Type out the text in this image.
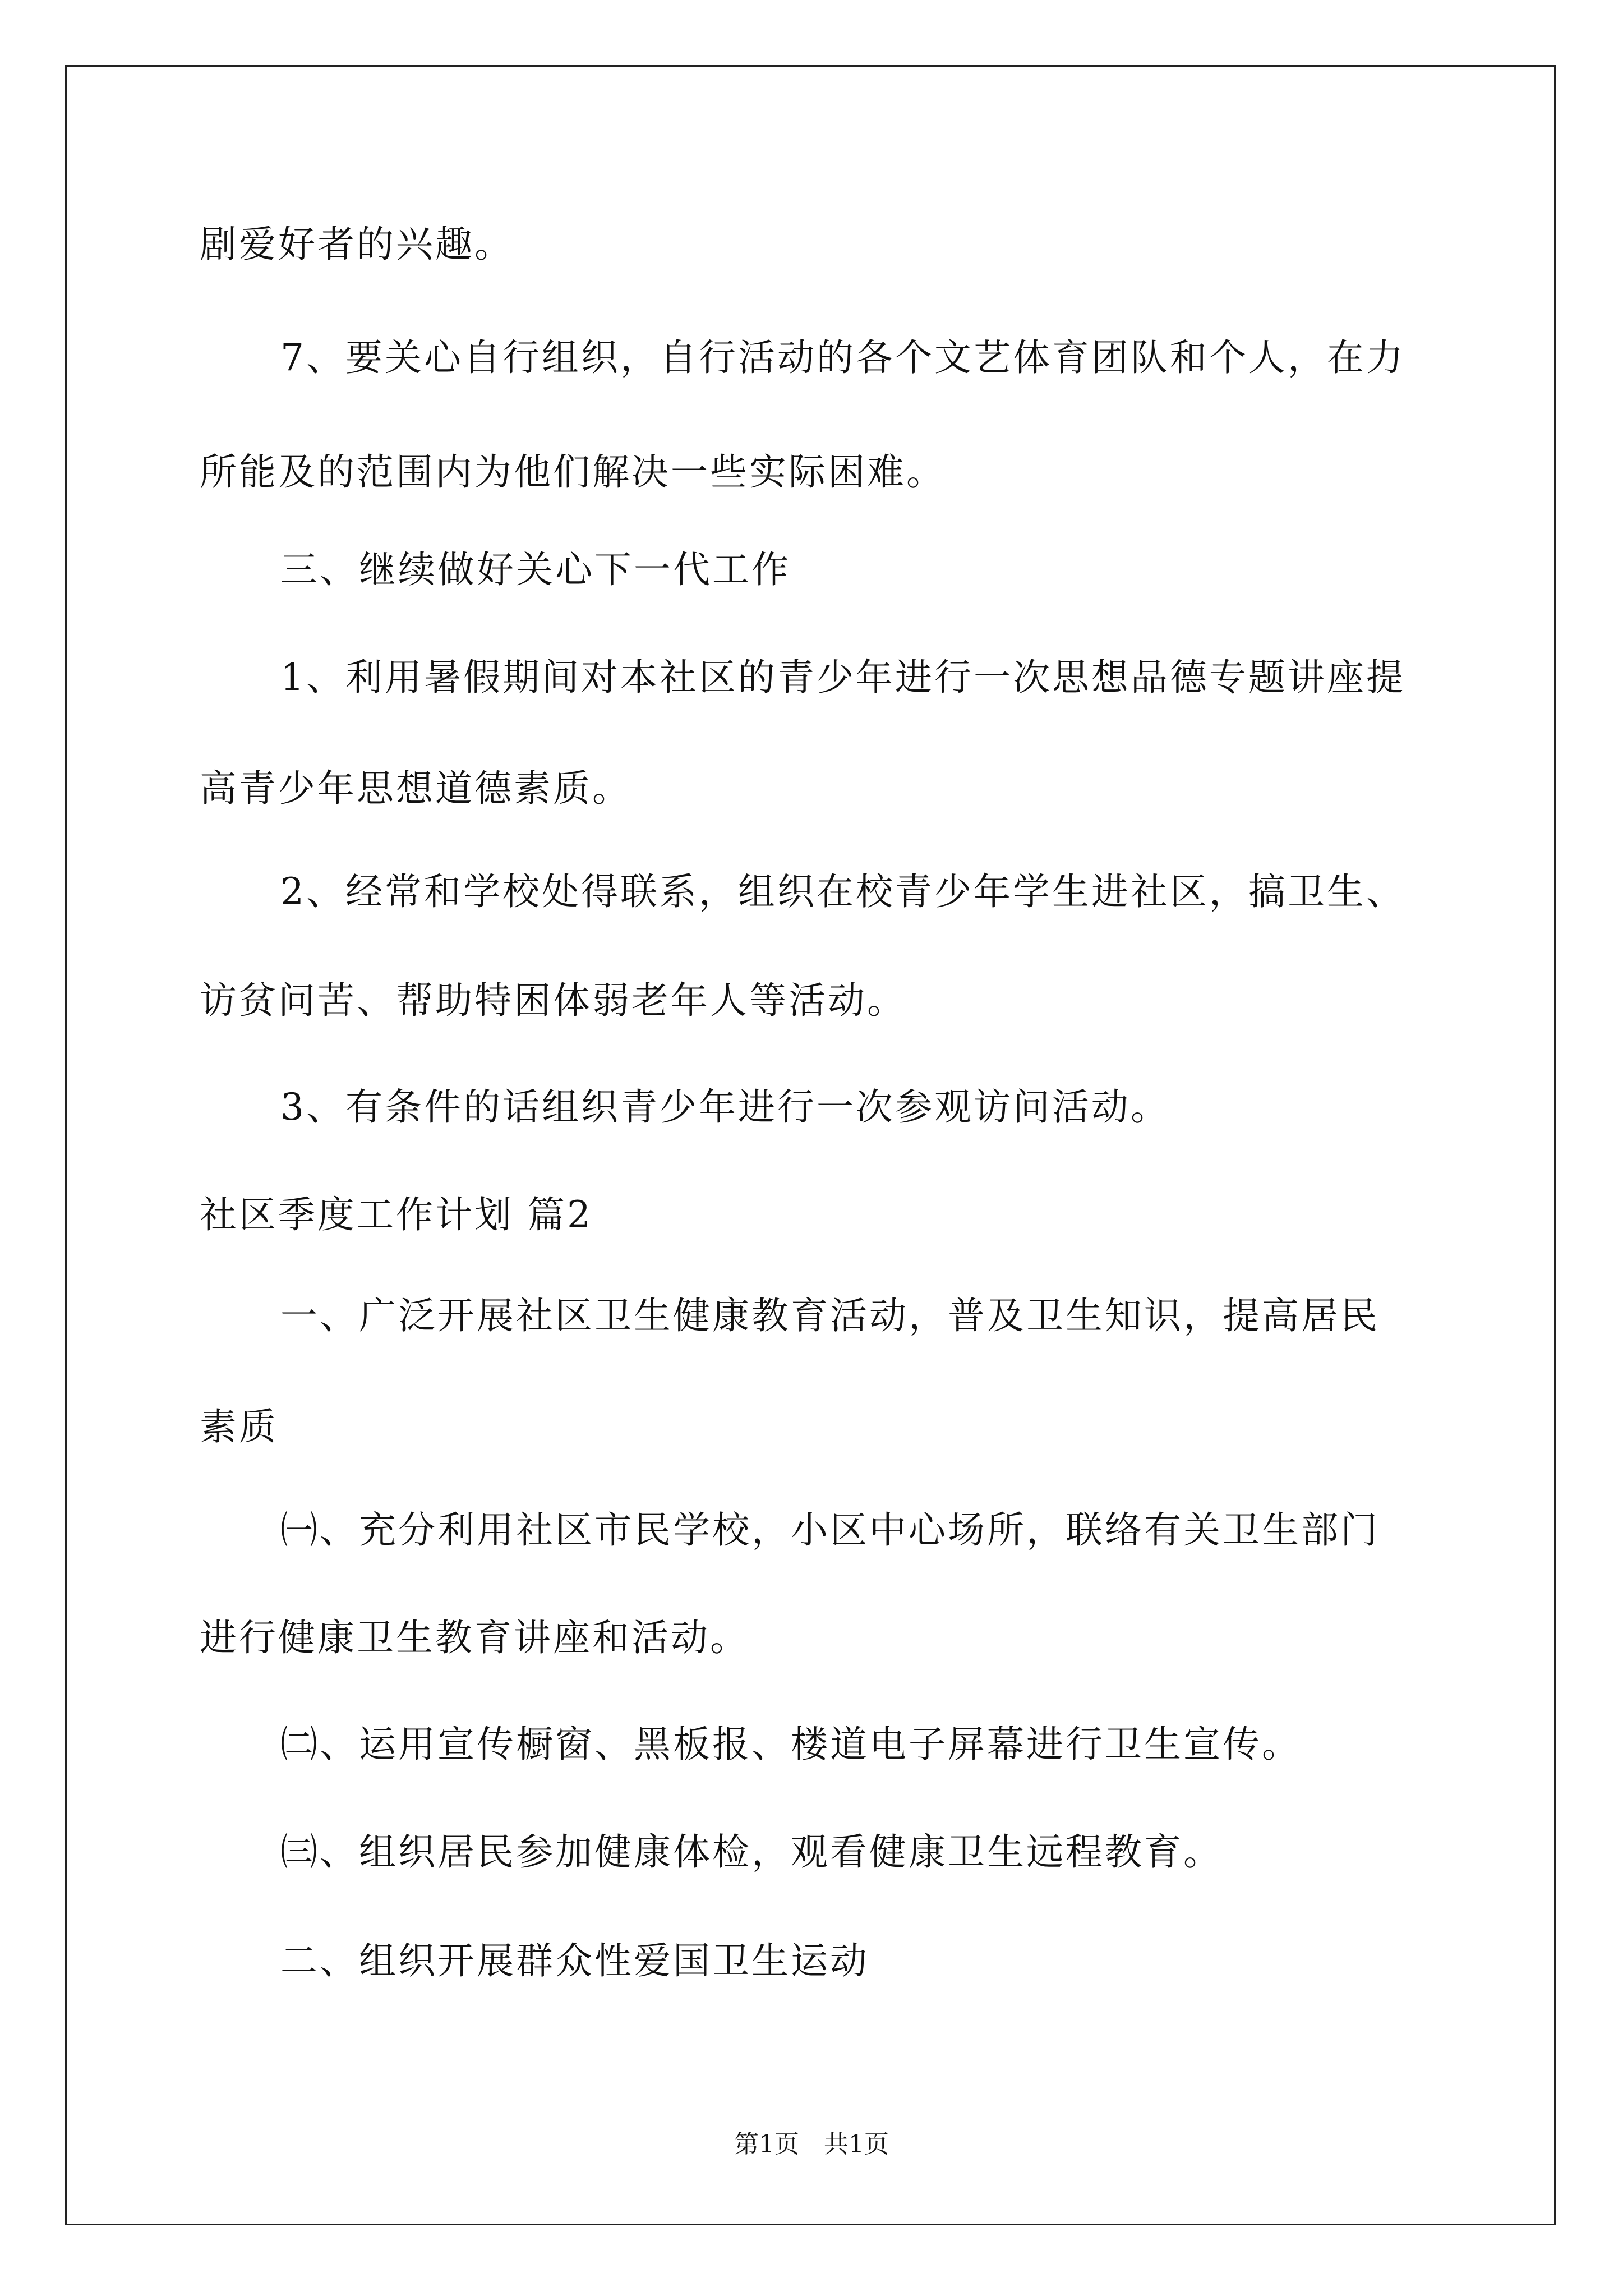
剧爱好者的兴趣。
7、要关心自行组织，自行活动的各个文艺体育团队和个人，在力
所能及的范围内为他们解决一些实际困难。
三、继续做好关心下一代工作
1、利用暑假期间对本社区的青少年进行一次思想品德专题讲座提
高青少年思想道德素质。
2、经常和学校处得联系，组织在校青少年学生进社区，搞卫生、
访贫问苦、帮助特困体弱老年人等活动。
3、有条件的话组织青少年进行一次参观访问活动。
社区季度工作计划 篇2
一、广泛开展社区卫生健康教育活动，普及卫生知识，提高居民
素质
㈠、充分利用社区市民学校，小区中心场所，联络有关卫生部门
进行健康卫生教育讲座和活动。
㈡、运用宣传橱窗、黑板报、楼道电子屏幕进行卫生宣传。
㈢、组织居民参加健康体检，观看健康卫生远程教育。
二、组织开展群众性爱国卫生运动
第1页　共1页
